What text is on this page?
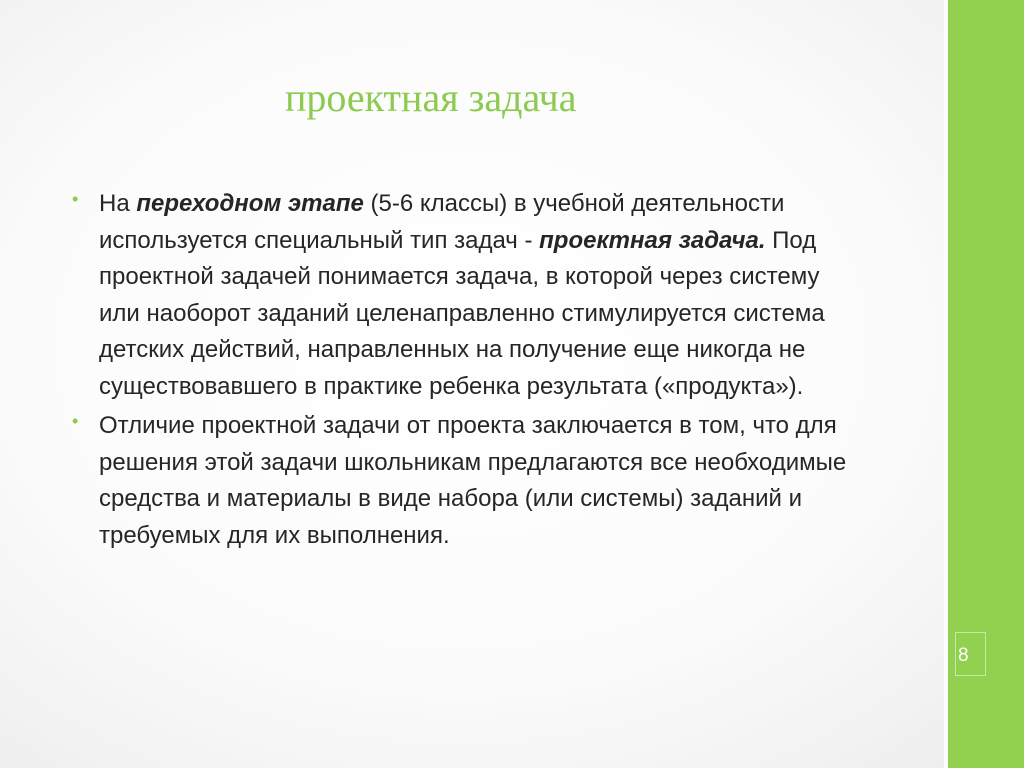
проектная задача
• На переходном этапе (5-6 классы) в учебной деятельности используется специальный тип задач - проектная задача. Под проектной задачей понимается задача, в которой через систему или наоборот заданий целенаправленно стимулируется система детских действий, направленных на получение еще никогда не существовавшего в практике ребенка результата («продукта»).
• Отличие проектной задачи от проекта заключается в том, что для решения этой задачи школьникам предлагаются все необходимые средства и материалы в виде набора (или системы) заданий и требуемых для их выполнения.
8
